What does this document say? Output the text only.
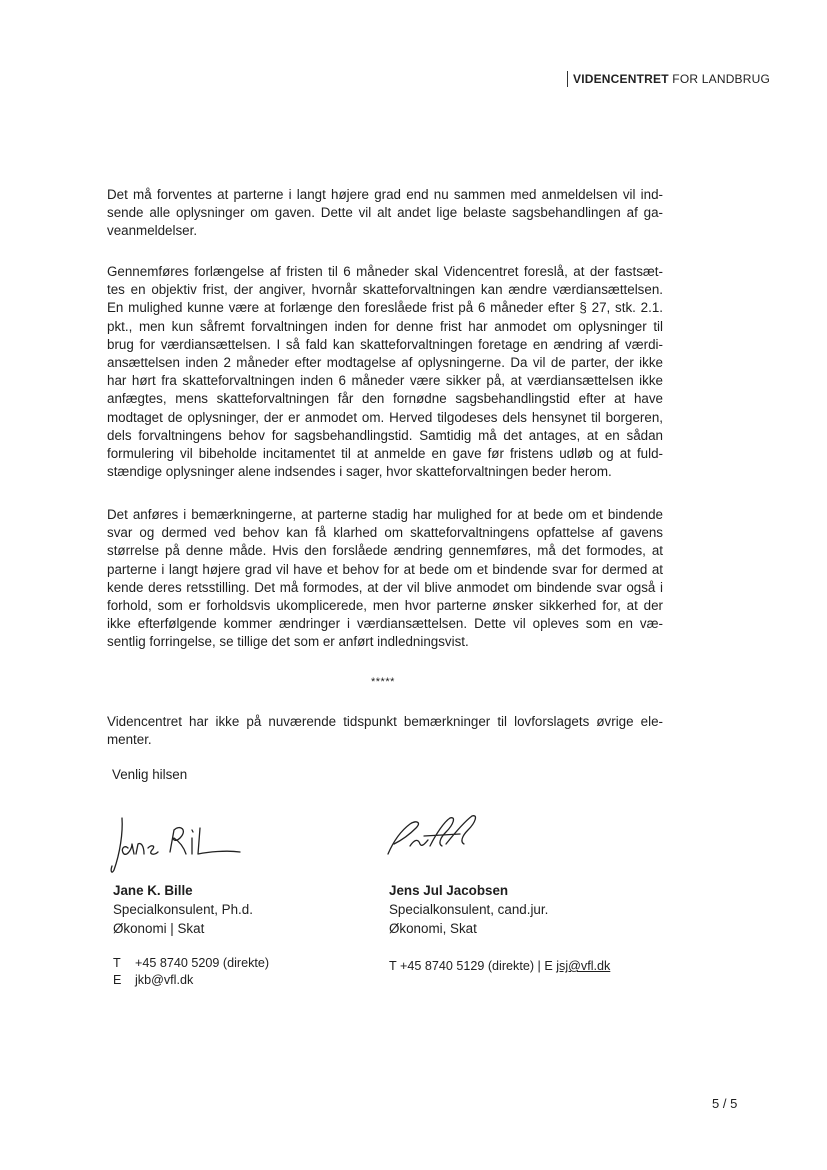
VIDENCENTRET FOR LANDBRUG
Det må forventes at parterne i langt højere grad end nu sammen med anmeldelsen vil ind-
sende alle oplysninger om gaven. Dette vil alt andet lige belaste sagsbehandlingen af ga-
veanmeldelser.
Gennemføres forlængelse af fristen til 6 måneder skal Videncentret foreslå, at der fastsæt-
tes en objektiv frist, der angiver, hvornår skatteforvaltningen kan ændre værdiansættelsen.
En mulighed kunne være at forlænge den foreslåede frist på 6 måneder efter § 27, stk. 2.1.
pkt., men kun såfremt forvaltningen inden for denne frist har anmodet om oplysninger til
brug for værdiansættelsen. I så fald kan skatteforvaltningen foretage en ændring af værdi-
ansættelsen inden 2 måneder efter modtagelse af oplysningerne. Da vil de parter, der ikke
har hørt fra skatteforvaltningen inden 6 måneder være sikker på, at værdiansættelsen ikke
anfægtes, mens skatteforvaltningen får den fornødne sagsbehandlingstid efter at have
modtaget de oplysninger, der er anmodet om. Herved tilgodeses dels hensynet til borgeren,
dels forvaltningens behov for sagsbehandlingstid. Samtidig må det antages, at en sådan
formulering vil bibeholde incitamentet til at anmelde en gave før fristens udløb og at fuld-
stændige oplysninger alene indsendes i sager, hvor skatteforvaltningen beder herom.
Det anføres i bemærkningerne, at parterne stadig har mulighed for at bede om et bindende
svar og dermed ved behov kan få klarhed om skatteforvaltningens opfattelse af gavens
størrelse på denne måde. Hvis den forslåede ændring gennemføres, må det formodes, at
parterne i langt højere grad vil have et behov for at bede om et bindende svar for dermed at
kende deres retsstilling. Det må formodes, at der vil blive anmodet om bindende svar også i
forhold, som er forholdsvis ukomplicerede, men hvor parterne ønsker sikkerhed for, at der
ikke efterfølgende kommer ændringer i værdiansættelsen. Dette vil opleves som en væ-
sentlig forringelse, se tillige det som er anført indledningsvist.
*****
Videncentret har ikke på nuværende tidspunkt bemærkninger til lovforslagets øvrige ele-
menter.
Venlig hilsen
Jane K. Bille
Specialkonsulent, Ph.d.
Økonomi | Skat
T +45 8740 5209 (direkte)
E jkb@vfl.dk
Jens Jul Jacobsen
Specialkonsulent, cand.jur.
Økonomi, Skat
T +45 8740 5129 (direkte) | E jsj@vfl.dk
5 / 5
